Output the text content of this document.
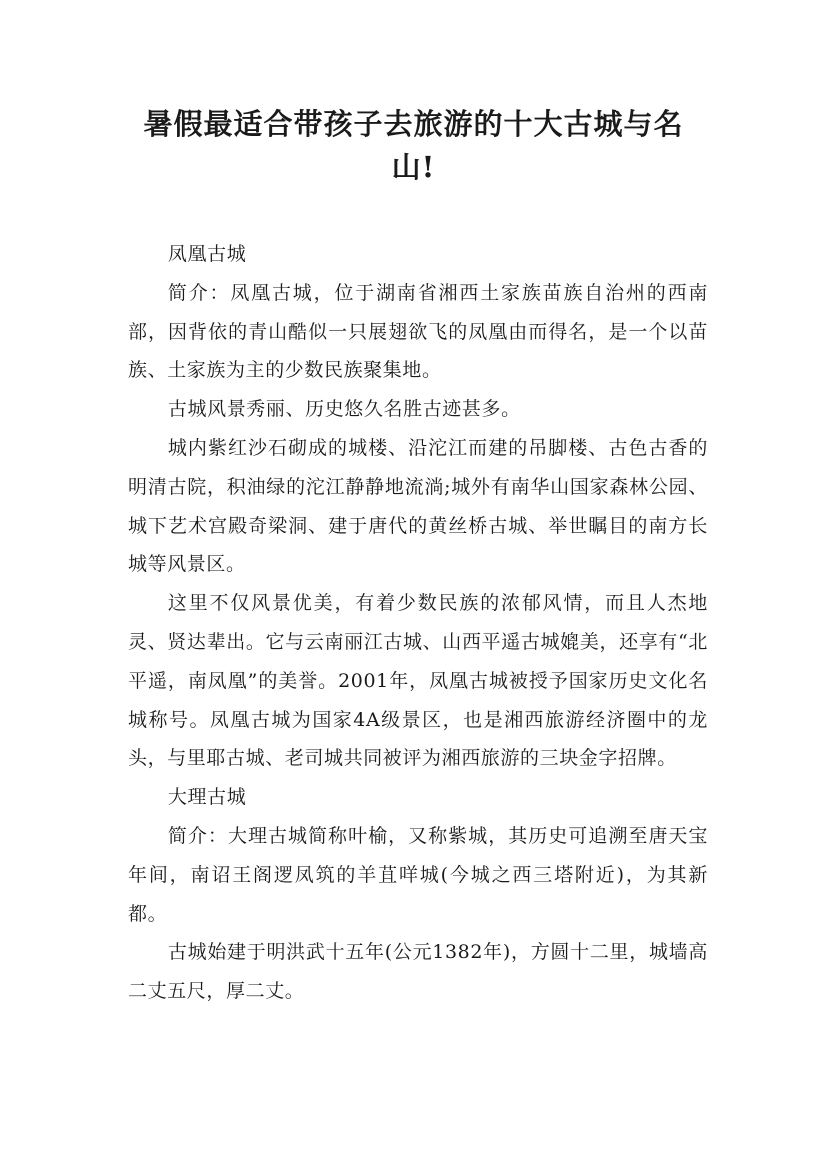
暑假最适合带孩子去旅游的十大古城与名山!

凤凰古城

简介：凤凰古城，位于湖南省湘西土家族苗族自治州的西南部，因背依的青山酷似一只展翅欲飞的凤凰由而得名，是一个以苗族、土家族为主的少数民族聚集地。

古城风景秀丽、历史悠久名胜古迹甚多。

城内紫红沙石砌成的城楼、沿沱江而建的吊脚楼、古色古香的明清古院，积油绿的沱江静静地流淌;城外有南华山国家森林公园、城下艺术宫殿奇梁洞、建于唐代的黄丝桥古城、举世瞩目的南方长城等风景区。

这里不仅风景优美，有着少数民族的浓郁风情，而且人杰地灵、贤达辈出。它与云南丽江古城、山西平遥古城媲美，还享有“北平遥，南凤凰”的美誉。2001年，凤凰古城被授予国家历史文化名城称号。凤凰古城为国家4A级景区，也是湘西旅游经济圈中的龙头，与里耶古城、老司城共同被评为湘西旅游的三块金字招牌。

大理古城

简介：大理古城简称叶榆，又称紫城，其历史可追溯至唐天宝年间，南诏王阁逻凤筑的羊苴咩城(今城之西三塔附近)，为其新都。

古城始建于明洪武十五年(公元1382年)，方圆十二里，城墙高二丈五尺，厚二丈。
